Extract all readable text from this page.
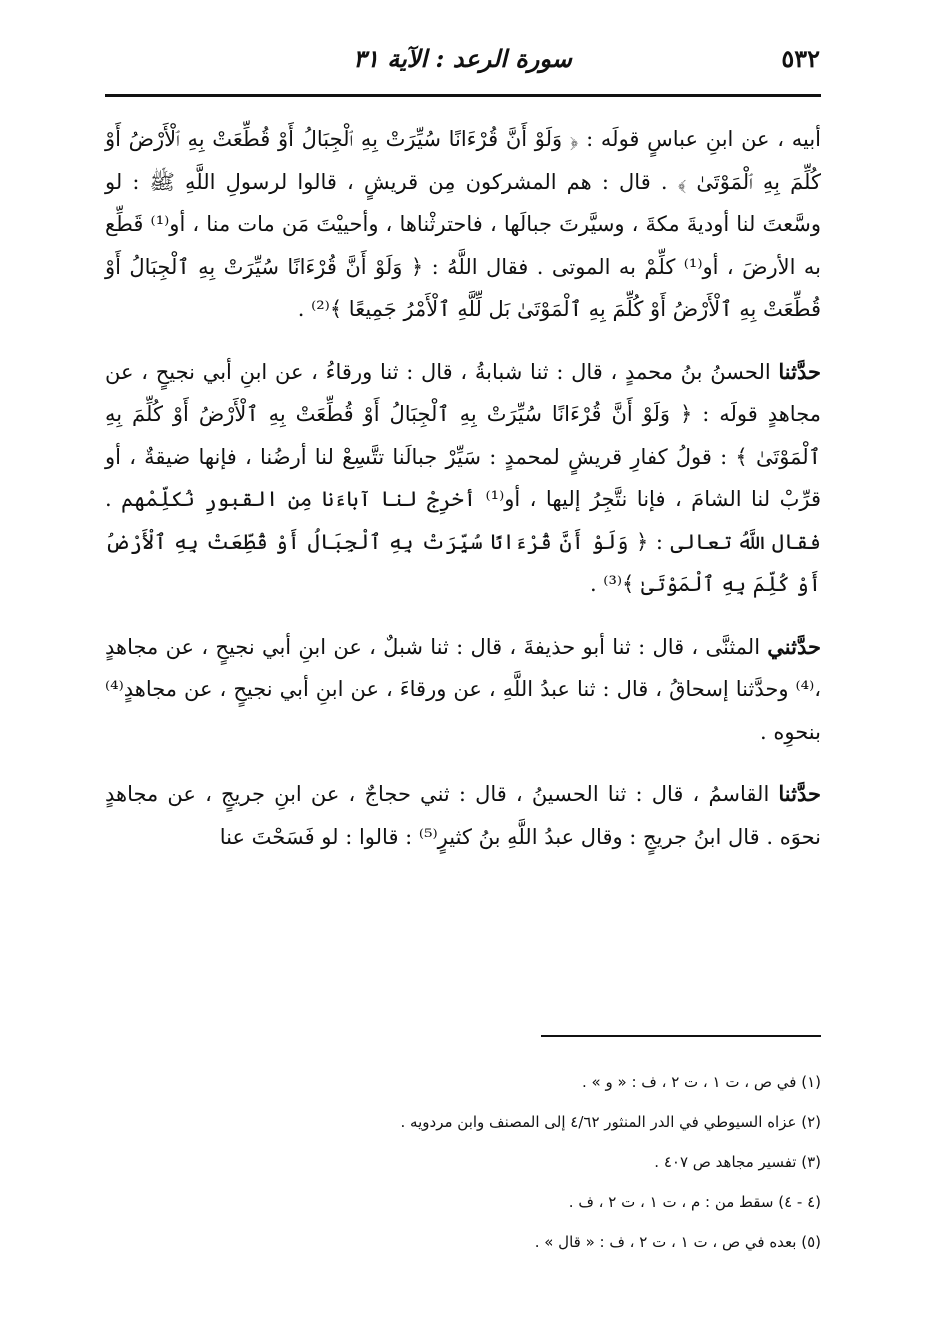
٥٣٢
سورة الرعد : الآية ٣١

أبيه ، عن ابنِ عباسٍ قولَه : ﴿ وَلَوْ أَنَّ قُرْءَانًا سُيِّرَتْ بِهِ ٱلْجِبَالُ أَوْ قُطِّعَتْ بِهِ ٱلْأَرْضُ أَوْ كُلِّمَ بِهِ ٱلْمَوْتَىٰ ﴾ . قال : هم المشركون مِن قريشٍ ، قالوا لرسولِ اللَّهِ ﷺ : لو وسَّعتَ لنا أوديةَ مكةَ ، وسيَّرتَ جبالَها ، فاحترثْناها ، وأحييْتَ مَن مات منا ، أو⁽¹⁾ قَطِّع به الأرضَ ، أو⁽¹⁾ كلِّمْ به الموتى . فقال اللَّهُ : ﴿ وَلَوْ أَنَّ قُرْءَانًا سُيِّرَتْ بِهِ ٱلْجِبَالُ أَوْ قُطِّعَتْ بِهِ ٱلْأَرْضُ أَوْ كُلِّمَ بِهِ ٱلْمَوْتَىٰ بَل لِّلَّهِ ٱلْأَمْرُ جَمِيعًا ﴾⁽²⁾ .

حدَّثنا الحسنُ بنُ محمدٍ ، قال : ثنا شبابةُ ، قال : ثنا ورقاءُ ، عن ابنِ أبي نجيحٍ ، عن مجاهدٍ قولَه : ﴿ وَلَوْ أَنَّ قُرْءَانًا سُيِّرَتْ بِهِ ٱلْجِبَالُ أَوْ قُطِّعَتْ بِهِ ٱلْأَرْضُ أَوْ كُلِّمَ بِهِ ٱلْمَوْتَىٰ ﴾ : قولُ كفارِ قريشٍ لمحمدٍ : سَيِّرْ جبالَنا تتَّسِعْ لنا أرضُنا ، فإنها ضيقةٌ ، أو قرِّبْ لنا الشامَ ، فإنا نتَّجِرُ إليها ، أو⁽¹⁾ أخرِجْ لنا آباءَنا مِن القبورِ نُكلِّمْهم . فقال اللَّهُ تعالى : ﴿ وَلَوْ أَنَّ قُرْءَانًا سُيِّرَتْ بِهِ ٱلْجِبَالُ أَوْ قُطِّعَتْ بِهِ ٱلْأَرْضُ أَوْ كُلِّمَ بِهِ ٱلْمَوْتَىٰ ﴾⁽³⁾ .

حدَّثني المثنَّى ، قال : ثنا أبو حذيفةَ ، قال : ثنا شبلٌ ، عن ابنِ أبي نجيحٍ ، عن مجاهدٍ ،⁽⁴⁾ وحدَّثنا إسحاقُ ، قال : ثنا عبدُ اللَّهِ ، عن ورقاءَ ، عن ابنِ أبي نجيحٍ ، عن مجاهدٍ⁽⁴⁾ بنحوِه .

حدَّثنا القاسمُ ، قال : ثنا الحسينُ ، قال : ثني حجاجٌ ، عن ابنِ جريجٍ ، عن مجاهدٍ نحوَه . قال ابنُ جريجٍ : وقال عبدُ اللَّهِ بنُ كثيرٍ⁽⁵⁾ : قالوا : لو فَسَحْتَ عنا

(١) في ص ، ت ١ ، ت ٢ ، ف : « و » .

(٢) عزاه السيوطي في الدر المنثور ٤/٦٢ إلى المصنف وابن مردويه .

(٣) تفسير مجاهد ص ٤٠٧ .

(٤ - ٤) سقط من : م ، ت ١ ، ت ٢ ، ف .

(٥) بعده في ص ، ت ١ ، ت ٢ ، ف : « قال » .
